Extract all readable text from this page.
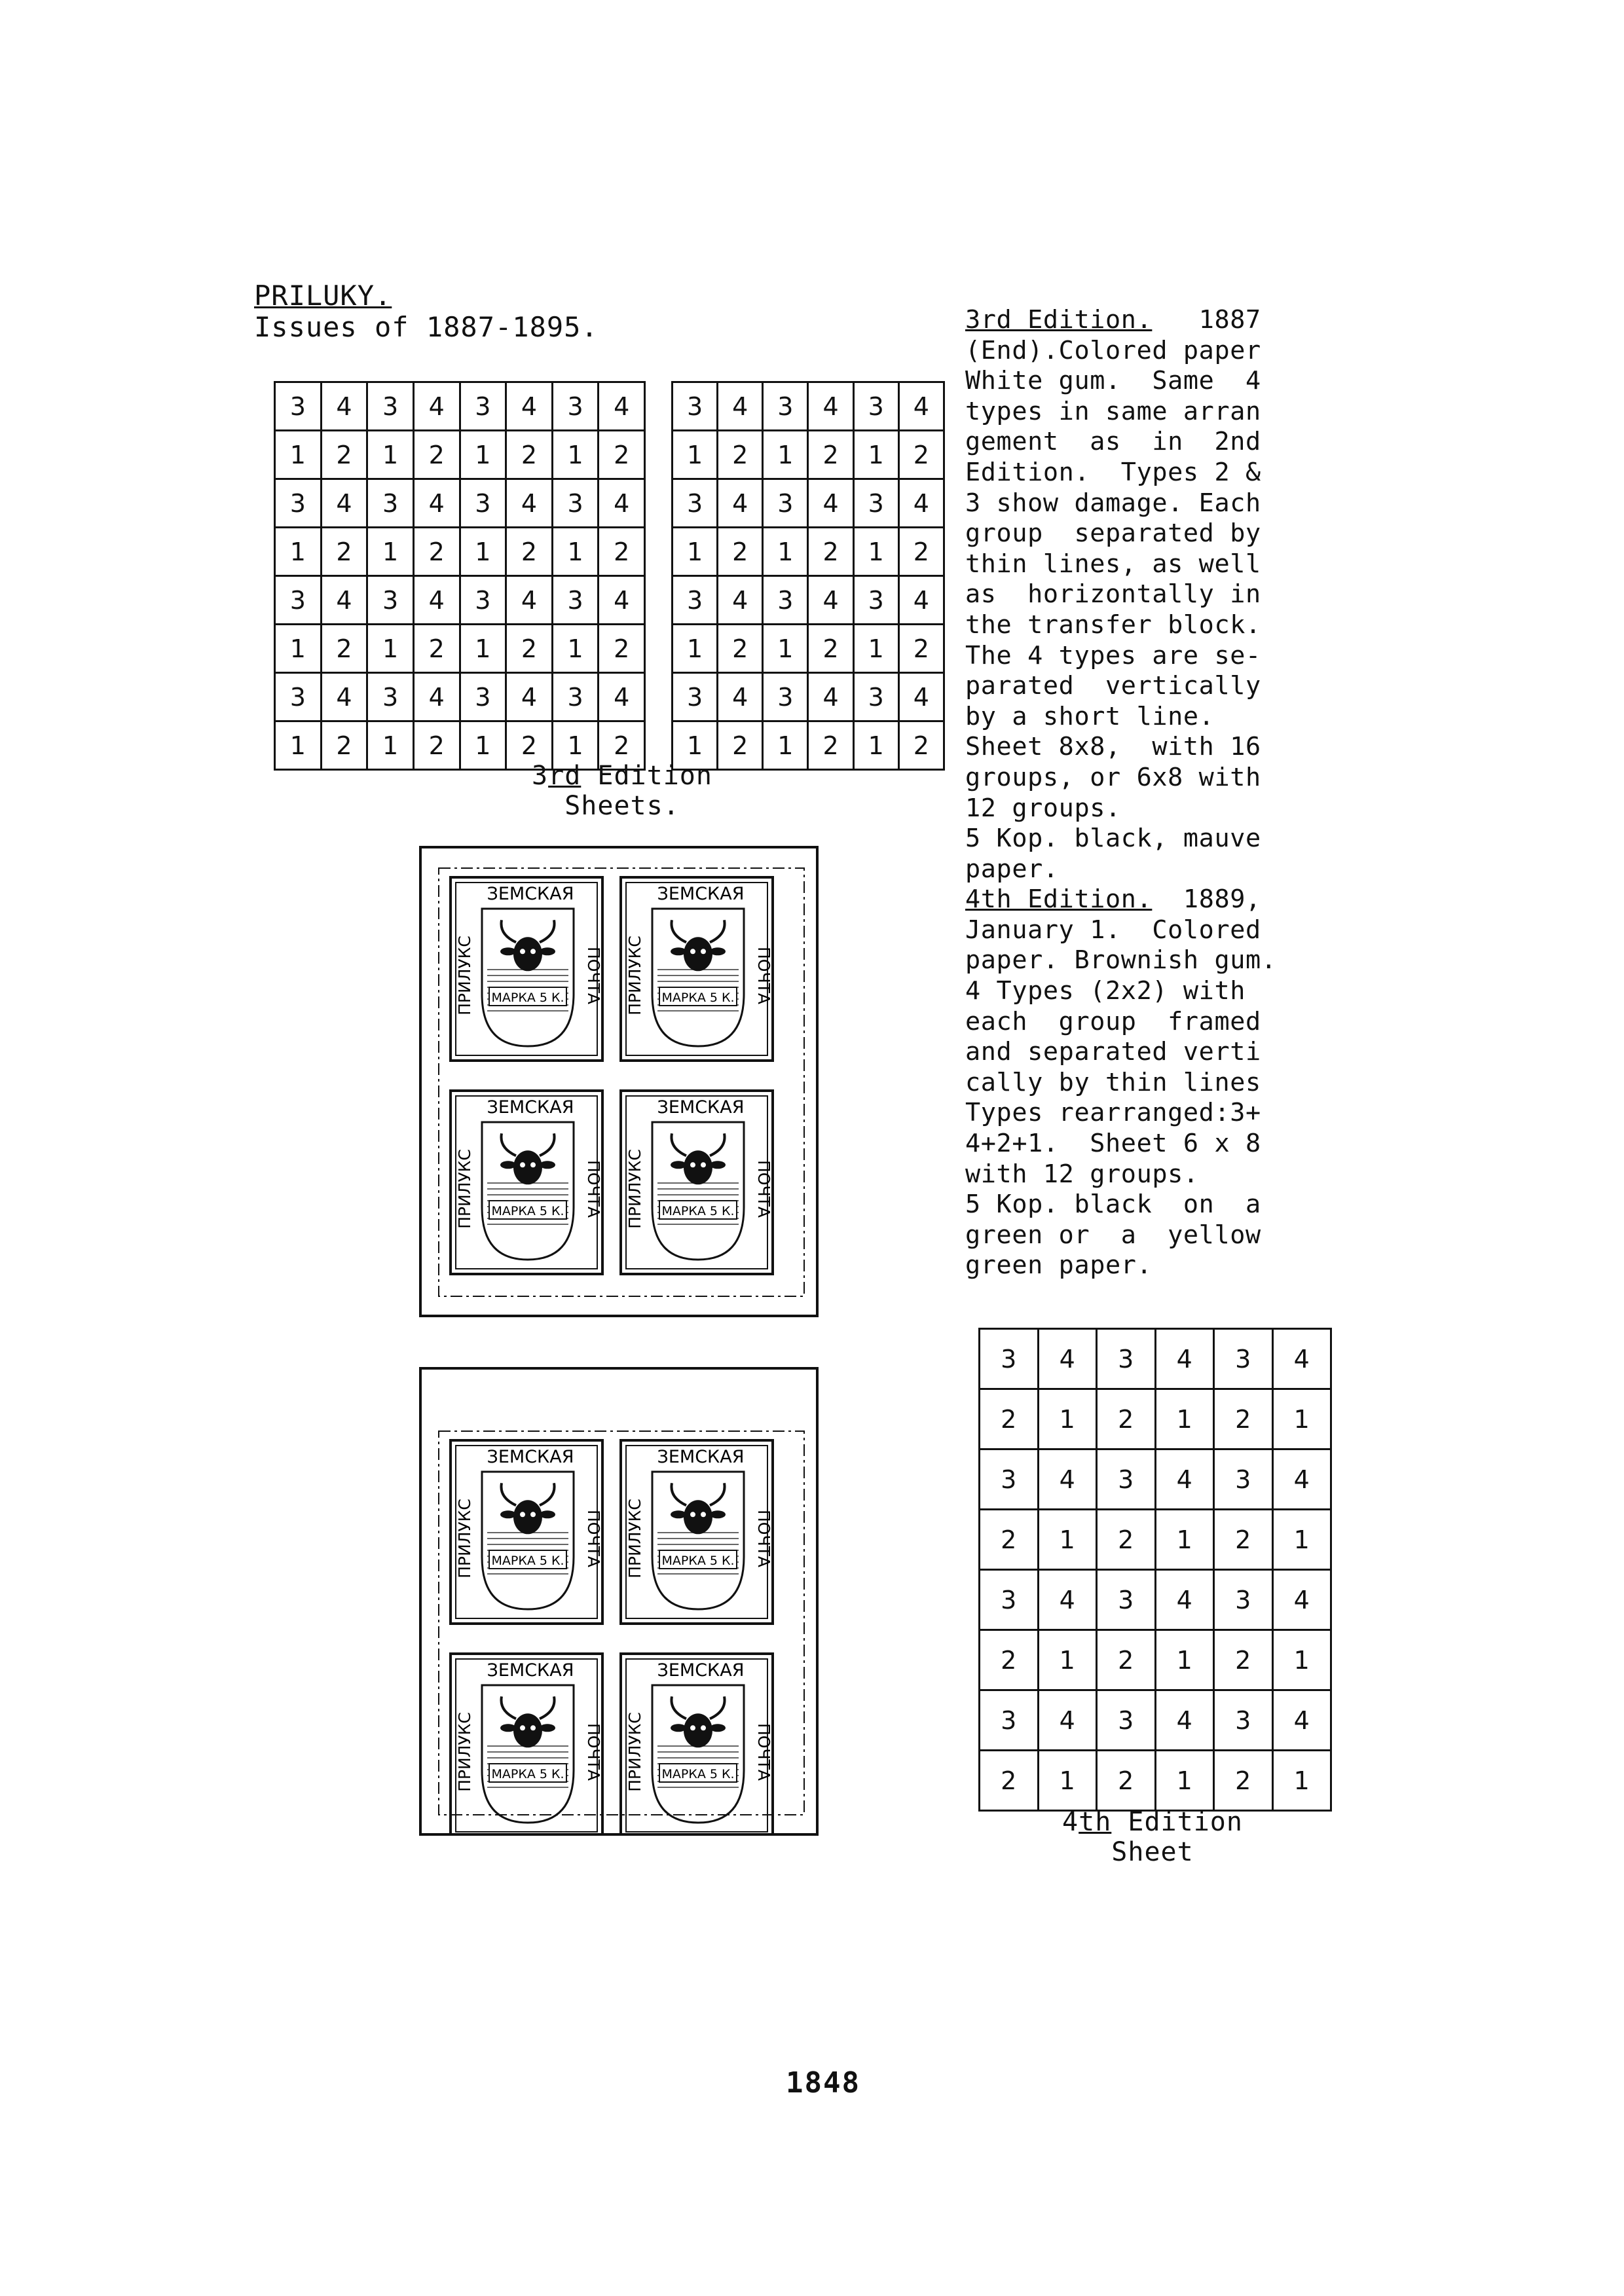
PRILUKY.
Issues of 1887-1895.
3	4	3	4	3	4	3	4
1	2	1	2	1	2	1	2
3	4	3	4	3	4	3	4
1	2	1	2	1	2	1	2
3	4	3	4	3	4	3	4
1	2	1	2	1	2	1	2
3	4	3	4	3	4	3	4
1	2	1	2	1	2	1	2
3	4	3	4	3	4
1	2	1	2	1	2
3	4	3	4	3	4
1	2	1	2	1	2
3	4	3	4	3	4
1	2	1	2	1	2
3	4	3	4	3	4
1	2	1	2	1	2
3rd Edition
Sheets.
3rd Edition.   1887
(End).Colored paper
White gum.  Same  4
types in same arran
gement  as  in  2nd
Edition.  Types 2 &
3 show damage. Each
group  separated by
thin lines, as well
as  horizontally in
the transfer block.
The 4 types are se-
parated  vertically
by a short line.
Sheet 8x8,  with 16
groups, or 6x8 with
12 groups.
5 Kop. black, mauve
paper.
4th Edition.  1889,
January 1.  Colored
paper. Brownish gum.
4 Types (2x2) with
each  group  framed
and separated verti
cally by thin lines
Types rearranged:3+
4+2+1.  Sheet 6 x 8
with 12 groups.
5 Kop. black  on  a
green or  a  yellow
green paper.
ЗЕМСКАЯ
ПРИЛУКС	ПОЧТА
МАРКА 5 К.
ЗЕМСКАЯ
ПРИЛУКС	ПОЧТА
МАРКА 5 К.
ЗЕМСКАЯ
ПРИЛУКС	ПОЧТА
МАРКА 5 К.
ЗЕМСКАЯ
ПРИЛУКС	ПОЧТА
МАРКА 5 К.
ЗЕМСКАЯ
ПРИЛУКС	ПОЧТА
МАРКА 5 К.
ЗЕМСКАЯ
ПРИЛУКС	ПОЧТА
МАРКА 5 К.
ЗЕМСКАЯ
ПРИЛУКС	ПОЧТА
МАРКА 5 К.
ЗЕМСКАЯ
ПРИЛУКС	ПОЧТА
МАРКА 5 К.
3	4	3	4	3	4
2	1	2	1	2	1
3	4	3	4	3	4
2	1	2	1	2	1
3	4	3	4	3	4
2	1	2	1	2	1
3	4	3	4	3	4
2	1	2	1	2	1
4th Edition
Sheet
1848
